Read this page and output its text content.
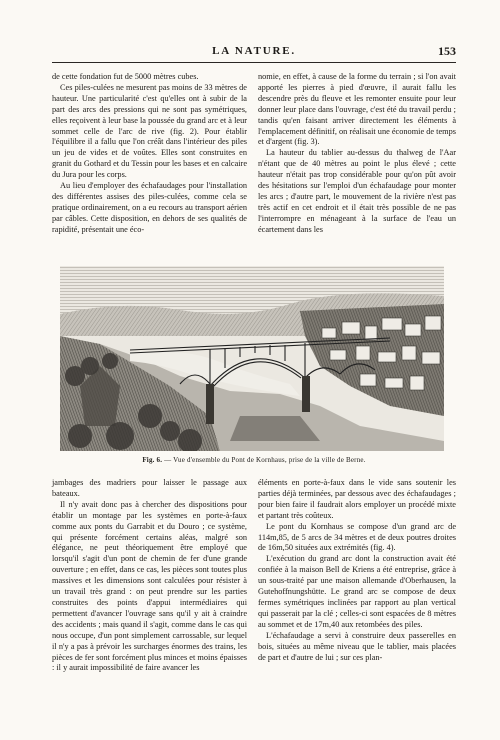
LA NATURE.	153

de cette fondation fut de 5000 mètres cubes.

Ces piles-culées ne mesurent pas moins de 33 mètres de hauteur. Une particularité c'est qu'elles ont à subir de la part des arcs des pressions qui ne sont pas symétriques, elles reçoivent à leur base la poussée du grand arc et à leur sommet celle de l'arc de rive (fig. 2). Pour établir l'équilibre il a fallu que l'on créât dans l'intérieur des piles un jeu de vides et de voûtes. Elles sont construites en granit du Gothard et du Tessin pour les bases et en calcaire du Jura pour les corps.

Au lieu d'employer des échafaudages pour l'installation des différentes assises des piles-culées, comme cela se pratique ordinairement, on a eu recours au transport aérien par câbles. Cette disposition, en dehors de ses qualités de rapidité, présentait une éco-

nomie, en effet, à cause de la forme du terrain ; si l'on avait apporté les pierres à pied d'œuvre, il aurait fallu les descendre près du fleuve et les remonter ensuite pour leur donner leur place dans l'ouvrage, c'est été du travail perdu ; tandis qu'en faisant arriver directement les éléments à l'emplacement définitif, on réalisait une économie de temps et d'argent (fig. 3).

La hauteur du tablier au-dessus du thalweg de l'Aar n'étant que de 40 mètres au point le plus élevé ; cette hauteur n'était pas trop considérable pour qu'on pût avoir des hésitations sur l'emploi d'un échafaudage pour monter les arcs ; d'autre part, le mouvement de la rivière n'est pas très actif en cet endroit et il était très possible de ne pas l'interrompre en ménageant à la surface de l'eau un écartement dans les

Fig. 6. — Vue d'ensemble du Pont de Kornhaus, prise de la ville de Berne.

jambages des madriers pour laisser le passage aux bateaux.

Il n'y avait donc pas à chercher des dispositions pour établir un montage par les systèmes en porte-à-faux comme aux ponts du Garrabit et du Douro ; ce système, qui présente forcément certains aléas, malgré son élégance, ne peut théoriquement être employé que lorsqu'il s'agit d'un pont de chemin de fer d'une grande ouverture ; en effet, dans ce cas, les pièces sont toutes plus massives et les dimensions sont calculées pour résister à un travail très grand : on peut prendre sur les parties construites des points d'appui intermédiaires qui permettent d'avancer l'ouvrage sans qu'il y ait à craindre des accidents ; mais quand il s'agit, comme dans le cas qui nous occupe, d'un pont simplement carrossable, sur lequel il n'y a pas à prévoir les surcharges énormes des trains, les pièces de fer sont forcément plus minces et moins épaisses : il y aurait impossibilité de faire avancer les

éléments en porte-à-faux dans le vide sans soutenir les parties déjà terminées, par dessous avec des échafaudages ; pour bien faire il faudrait alors employer un procédé mixte et partant très coûteux.

Le pont du Kornhaus se compose d'un grand arc de 114m,85, de 5 arcs de 34 mètres et de deux poutres droites de 16m,50 situées aux extrémités (fig. 4).

L'exécution du grand arc dont la construction avait été confiée à la maison Bell de Kriens a été entreprise, grâce à un sous-traité par une maison allemande d'Oberhausen, la Gutehoffnungshütte. Le grand arc se compose de deux fermes symétriques inclinées par rapport au plan vertical qui passerait par la clé ; celles-ci sont espacées de 8 mètres au sommet et de 17m,40 aux retombées des piles.

L'échafaudage a servi à construire deux passerelles en bois, situées au même niveau que le tablier, mais placées de part et d'autre de lui ; sur ces plan-
